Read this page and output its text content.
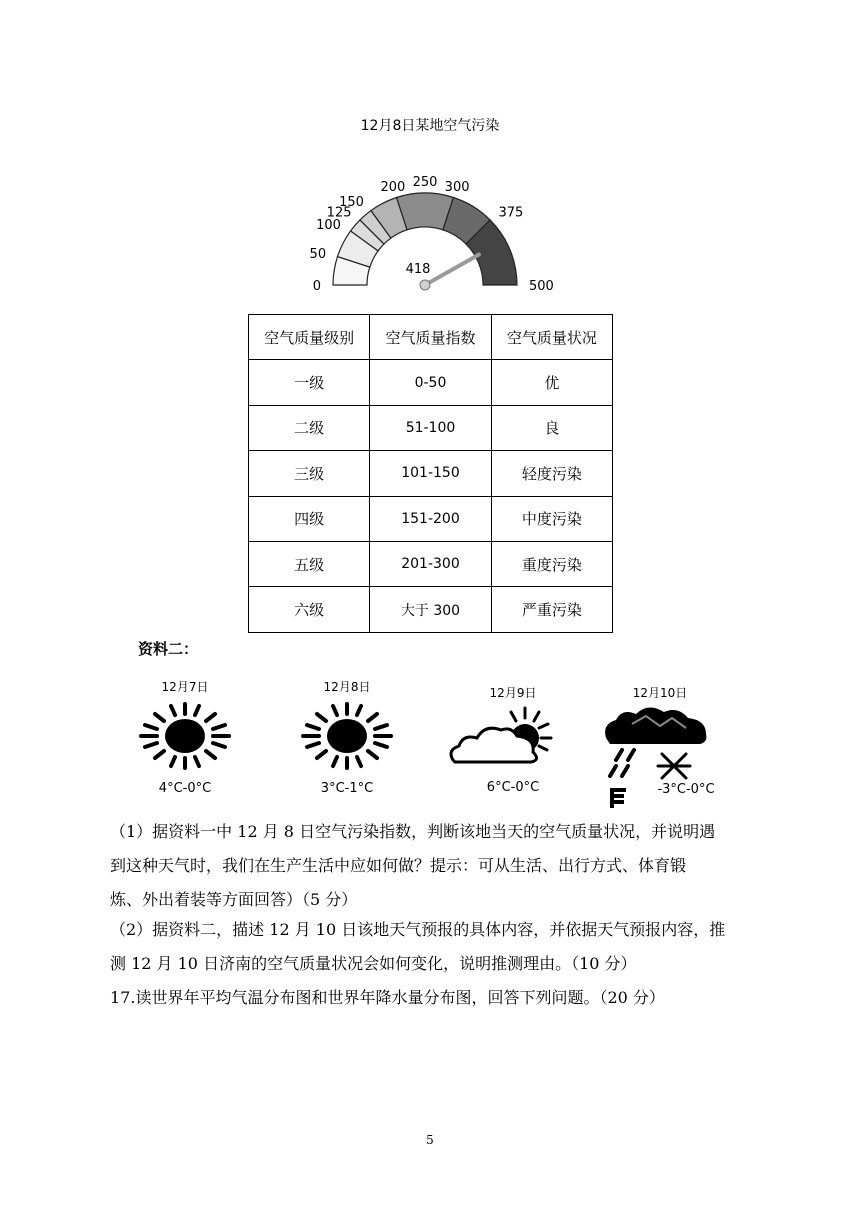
12月8日某地空气污染
0
50
100
125
150
200 250 300
375
500
418
空气质量级别	空气质量指数	空气质量状况
一级	0-50	优
二级	51-100	良
三级	101-150	轻度污染
四级	151-200	中度污染
五级	201-300	重度污染
六级	大于 300	严重污染
资料二：
12月7日
4°C-0°C
12月8日
3°C-1°C
12月9日
6°C-0°C
12月10日
-3°C-0°C
（1）据资料一中 12 月 8 日空气污染指数，判断该地当天的空气质量状况，并说明遇
到这种天气时，我们在生产生活中应如何做？提示：可从生活、出行方式、体育锻
炼、外出着装等方面回答）（5 分）
（2）据资料二，描述 12 月 10 日该地天气预报的具体内容，并依据天气预报内容，推
测 12 月 10 日济南的空气质量状况会如何变化，说明推测理由。（10 分）
17.读世界年平均气温分布图和世界年降水量分布图，回答下列问题。（20 分）
5
